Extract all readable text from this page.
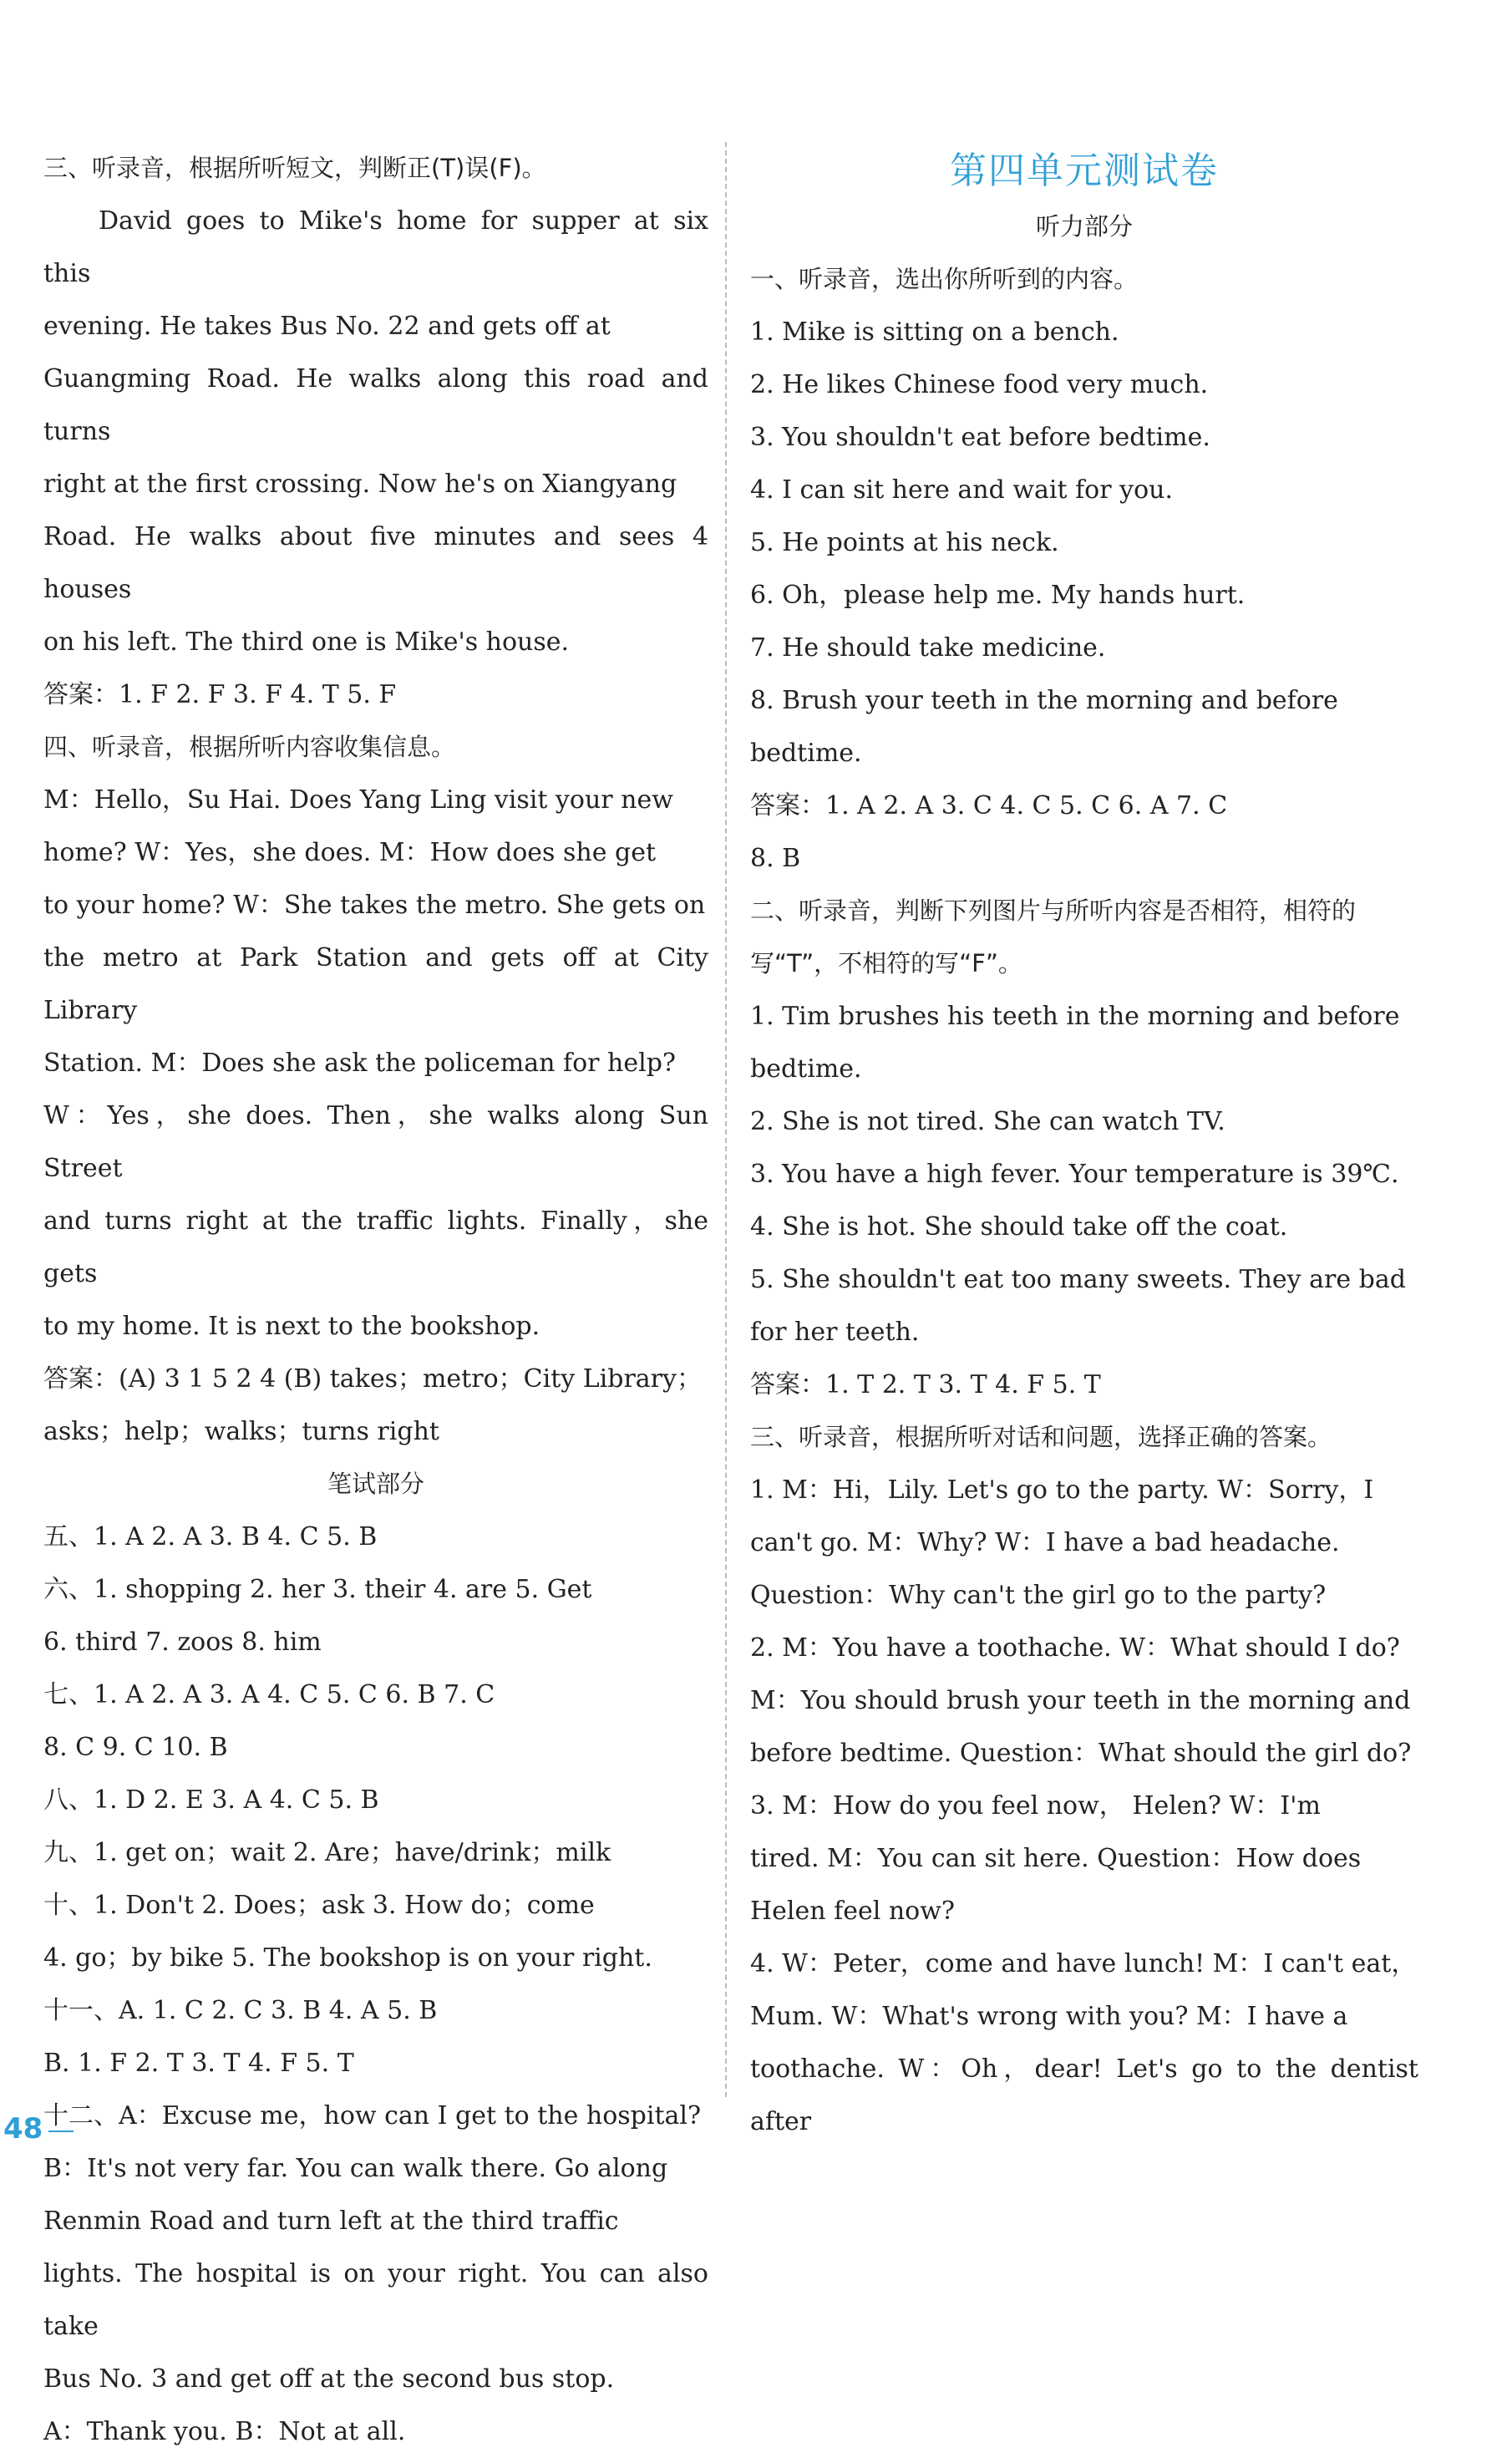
三、听录音，根据所听短文，判断正(T)误(F)。
David goes to Mike's home for supper at six this
evening. He takes Bus No. 22 and gets off at
Guangming Road. He walks along this road and turns
right at the first crossing. Now he's on Xiangyang
Road. He walks about five minutes and sees 4 houses
on his left. The third one is Mike's house.
答案：1. F 2. F 3. F 4. T 5. F
四、听录音，根据所听内容收集信息。
M：Hello，Su Hai. Does Yang Ling visit your new
home? W：Yes，she does. M：How does she get
to your home? W：She takes the metro. She gets on
the metro at Park Station and gets off at City Library
Station. M：Does she ask the policeman for help?
W：Yes，she does. Then，she walks along Sun Street
and turns right at the traffic lights. Finally，she gets
to my home. It is next to the bookshop.
答案：(A) 3 1 5 2 4 (B) takes；metro；City Library；
asks；help；walks；turns right
笔试部分
五、1. A 2. A 3. B 4. C 5. B
六、1. shopping 2. her 3. their 4. are 5. Get
6. third 7. zoos 8. him
七、1. A 2. A 3. A 4. C 5. C 6. B 7. C
8. C 9. C 10. B
八、1. D 2. E 3. A 4. C 5. B
九、1. get on；wait 2. Are；have/drink；milk
十、1. Don't 2. Does；ask 3. How do；come
4. go；by bike 5. The bookshop is on your right.
十一、A. 1. C 2. C 3. B 4. A 5. B
B. 1. F 2. T 3. T 4. F 5. T
十二、A：Excuse me，how can I get to the hospital?
B：It's not very far. You can walk there. Go along
Renmin Road and turn left at the third traffic
lights. The hospital is on your right. You can also take
Bus No. 3 and get off at the second bus stop.
A：Thank you. B：Not at all.
第四单元测试卷
听力部分
一、听录音，选出你所听到的内容。
1. Mike is sitting on a bench.
2. He likes Chinese food very much.
3. You shouldn't eat before bedtime.
4. I can sit here and wait for you.
5. He points at his neck.
6. Oh，please help me. My hands hurt.
7. He should take medicine.
8. Brush your teeth in the morning and before
bedtime.
答案：1. A 2. A 3. C 4. C 5. C 6. A 7. C
8. B
二、听录音，判断下列图片与所听内容是否相符，相符的
写“T”，不相符的写“F”。
1. Tim brushes his teeth in the morning and before
bedtime.
2. She is not tired. She can watch TV.
3. You have a high fever. Your temperature is 39℃.
4. She is hot. She should take off the coat.
5. She shouldn't eat too many sweets. They are bad
for her teeth.
答案：1. T 2. T 3. T 4. F 5. T
三、听录音，根据所听对话和问题，选择正确的答案。
1. M：Hi，Lily. Let's go to the party. W：Sorry，I
can't go. M：Why? W：I have a bad headache.
Question：Why can't the girl go to the party?
2. M：You have a toothache. W：What should I do?
M：You should brush your teeth in the morning and
before bedtime. Question：What should the girl do?
3. M：How do you feel now， Helen? W：I'm
tired. M：You can sit here. Question：How does
Helen feel now?
4. W：Peter，come and have lunch! M：I can't eat，
Mum. W：What's wrong with you? M：I have a
toothache. W：Oh，dear! Let's go to the dentist after
48
